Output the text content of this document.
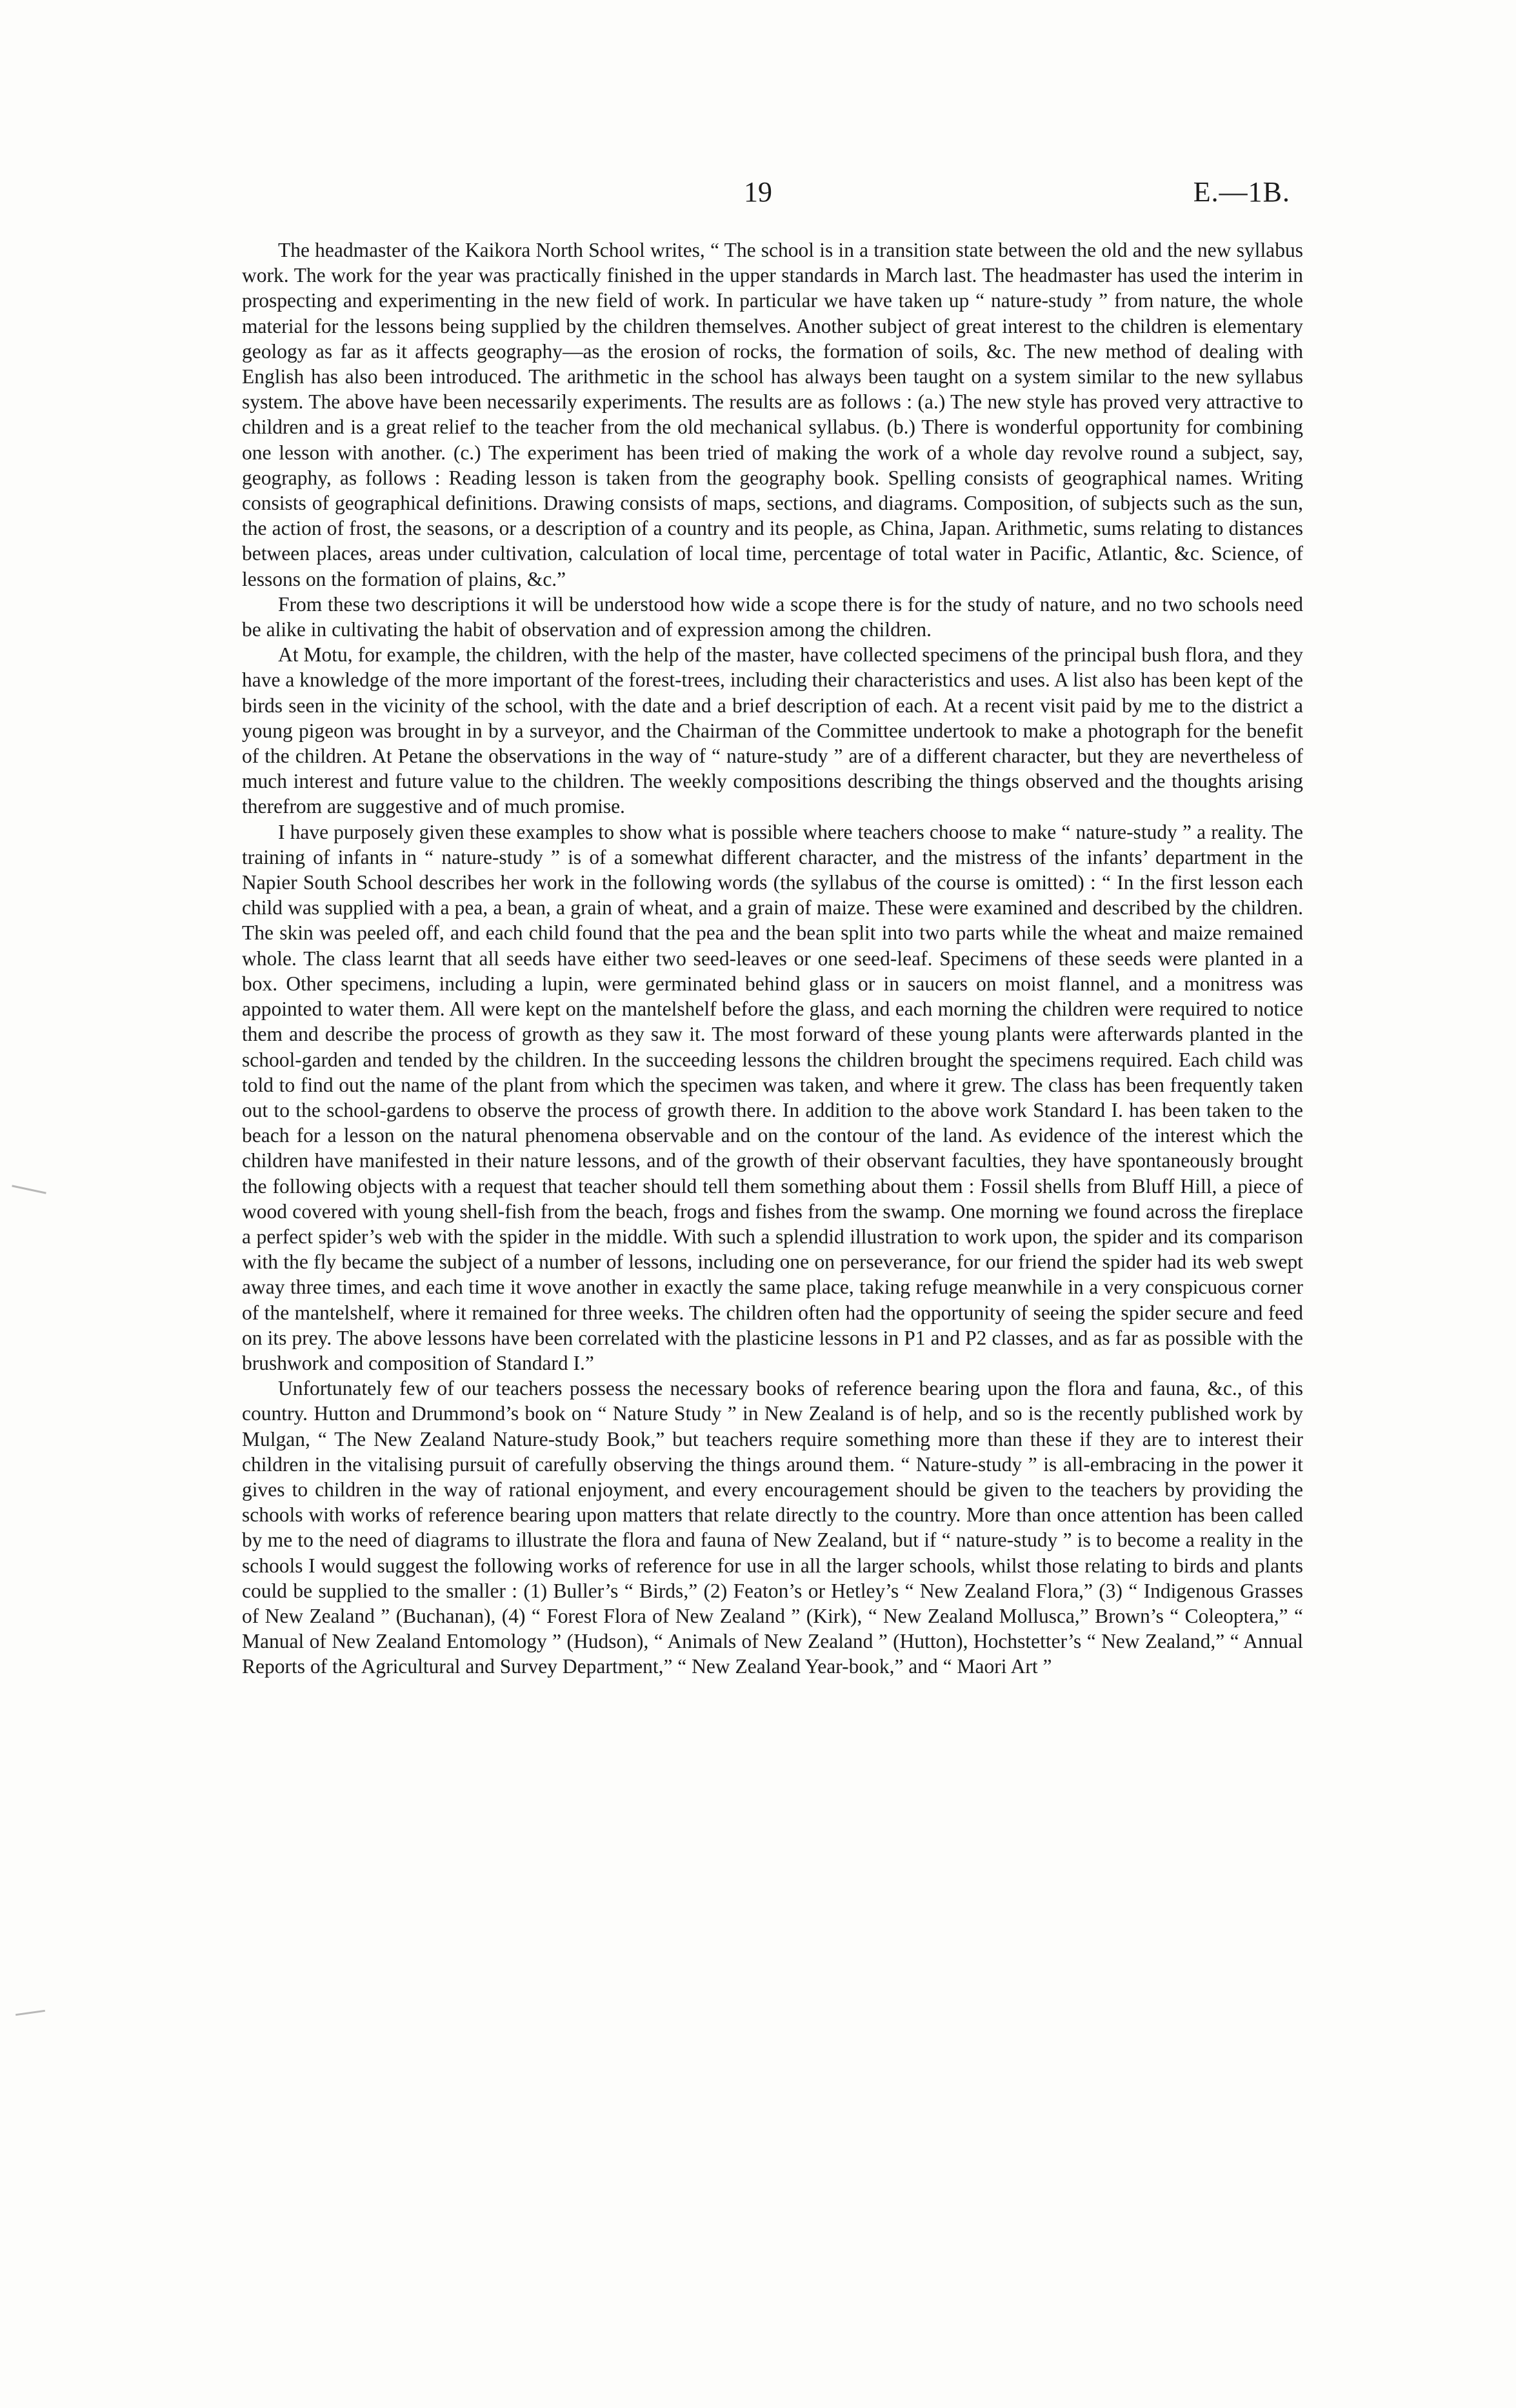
19	E.—1B.

The headmaster of the Kaikora North School writes, “ The school is in a transition state between the old and the new syllabus work. The work for the year was practically finished in the upper standards in March last. The headmaster has used the interim in prospecting and experimenting in the new field of work. In particular we have taken up “ nature-study ” from nature, the whole material for the lessons being supplied by the children themselves. Another subject of great interest to the children is elementary geology as far as it affects geography—as the erosion of rocks, the formation of soils, &c. The new method of dealing with English has also been introduced. The arithmetic in the school has always been taught on a system similar to the new syllabus system. The above have been necessarily experiments. The results are as follows : (a.) The new style has proved very attractive to children and is a great relief to the teacher from the old mechanical syllabus. (b.) There is wonderful opportunity for combining one lesson with another. (c.) The experiment has been tried of making the work of a whole day revolve round a subject, say, geography, as follows : Reading lesson is taken from the geography book. Spelling consists of geographical names. Writing consists of geographical definitions. Drawing consists of maps, sections, and diagrams. Composition, of subjects such as the sun, the action of frost, the seasons, or a description of a country and its people, as China, Japan. Arithmetic, sums relating to distances between places, areas under cultivation, calculation of local time, percentage of total water in Pacific, Atlantic, &c. Science, of lessons on the formation of plains, &c.”

From these two descriptions it will be understood how wide a scope there is for the study of nature, and no two schools need be alike in cultivating the habit of observation and of expression among the children.

At Motu, for example, the children, with the help of the master, have collected specimens of the principal bush flora, and they have a knowledge of the more important of the forest-trees, including their characteristics and uses. A list also has been kept of the birds seen in the vicinity of the school, with the date and a brief description of each. At a recent visit paid by me to the district a young pigeon was brought in by a surveyor, and the Chairman of the Committee undertook to make a photograph for the benefit of the children. At Petane the observations in the way of “ nature-study ” are of a different character, but they are nevertheless of much interest and future value to the children. The weekly compositions describing the things observed and the thoughts arising therefrom are suggestive and of much promise.

I have purposely given these examples to show what is possible where teachers choose to make “ nature-study ” a reality. The training of infants in “ nature-study ” is of a somewhat different character, and the mistress of the infants’ department in the Napier South School describes her work in the following words (the syllabus of the course is omitted) : “ In the first lesson each child was supplied with a pea, a bean, a grain of wheat, and a grain of maize. These were examined and described by the children. The skin was peeled off, and each child found that the pea and the bean split into two parts while the wheat and maize remained whole. The class learnt that all seeds have either two seed-leaves or one seed-leaf. Specimens of these seeds were planted in a box. Other specimens, including a lupin, were germinated behind glass or in saucers on moist flannel, and a monitress was appointed to water them. All were kept on the mantelshelf before the glass, and each morning the children were required to notice them and describe the process of growth as they saw it. The most forward of these young plants were afterwards planted in the school-garden and tended by the children. In the succeeding lessons the children brought the specimens required. Each child was told to find out the name of the plant from which the specimen was taken, and where it grew. The class has been frequently taken out to the school-gardens to observe the process of growth there. In addition to the above work Standard I. has been taken to the beach for a lesson on the natural phenomena observable and on the contour of the land. As evidence of the interest which the children have manifested in their nature lessons, and of the growth of their observant faculties, they have spontaneously brought the following objects with a request that teacher should tell them something about them : Fossil shells from Bluff Hill, a piece of wood covered with young shell-fish from the beach, frogs and fishes from the swamp. One morning we found across the fireplace a perfect spider’s web with the spider in the middle. With such a splendid illustration to work upon, the spider and its comparison with the fly became the subject of a number of lessons, including one on perseverance, for our friend the spider had its web swept away three times, and each time it wove another in exactly the same place, taking refuge meanwhile in a very conspicuous corner of the mantelshelf, where it remained for three weeks. The children often had the opportunity of seeing the spider secure and feed on its prey. The above lessons have been correlated with the plasticine lessons in P1 and P2 classes, and as far as possible with the brushwork and composition of Standard I.”

Unfortunately few of our teachers possess the necessary books of reference bearing upon the flora and fauna, &c., of this country. Hutton and Drummond’s book on “ Nature Study ” in New Zealand is of help, and so is the recently published work by Mulgan, “ The New Zealand Nature-study Book,” but teachers require something more than these if they are to interest their children in the vitalising pursuit of carefully observing the things around them. “ Nature-study ” is all-embracing in the power it gives to children in the way of rational enjoyment, and every encouragement should be given to the teachers by providing the schools with works of reference bearing upon matters that relate directly to the country. More than once attention has been called by me to the need of diagrams to illustrate the flora and fauna of New Zealand, but if “ nature-study ” is to become a reality in the schools I would suggest the following works of reference for use in all the larger schools, whilst those relating to birds and plants could be supplied to the smaller : (1) Buller’s “ Birds,” (2) Featon’s or Hetley’s “ New Zealand Flora,” (3) “ Indigenous Grasses of New Zealand ” (Buchanan), (4) “ Forest Flora of New Zealand ” (Kirk), “ New Zealand Mollusca,” Brown’s “ Coleoptera,” “ Manual of New Zealand Entomology ” (Hudson), “ Animals of New Zealand ” (Hutton), Hochstetter’s “ New Zealand,” “ Annual Reports of the Agricultural and Survey Department,” “ New Zealand Year-book,” and “ Maori Art ”
